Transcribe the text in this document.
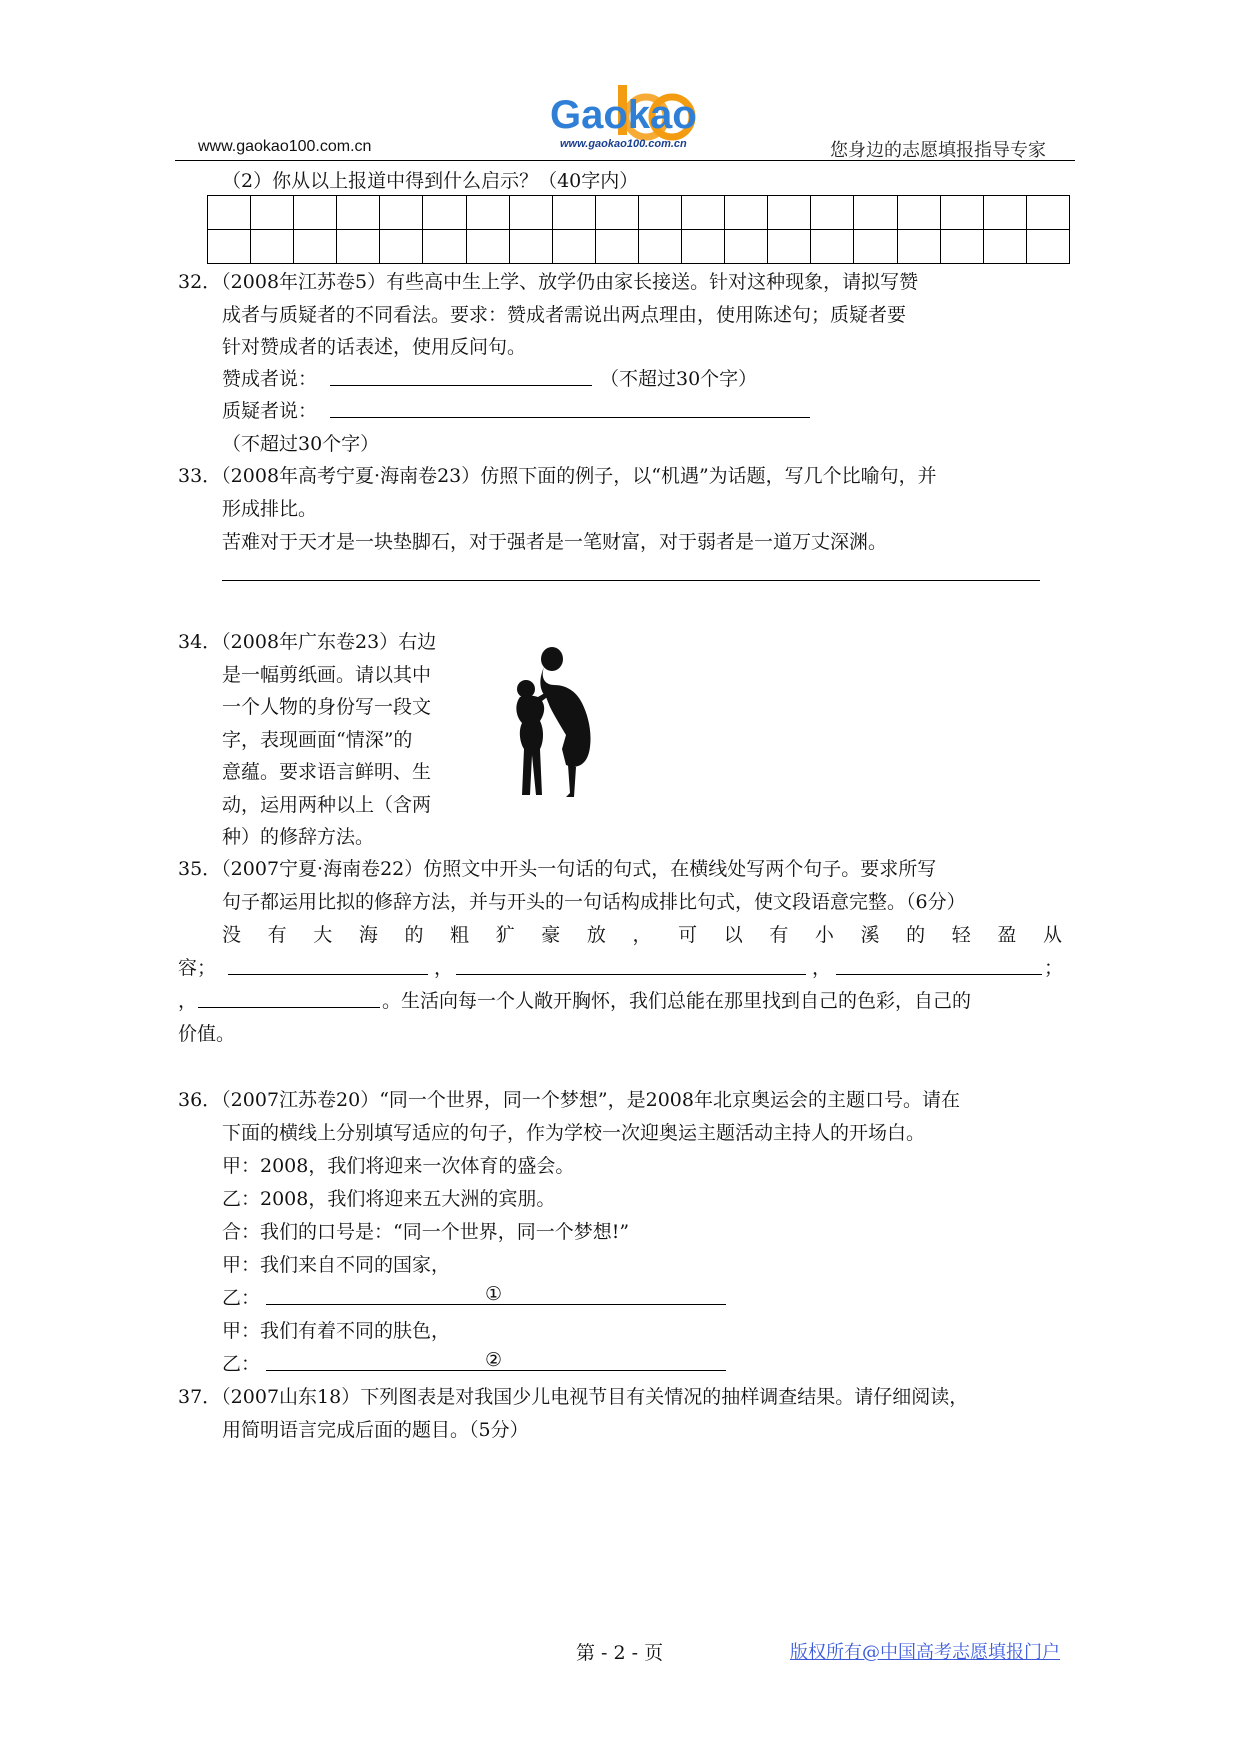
www.gaokao100.com.cn
Gaokao
www.gaokao100.com.cn	您身边的志愿填报指导专家
（2）你从以上报道中得到什么启示？（40字内）

32．（2008年江苏卷5）有些高中生上学、放学仍由家长接送。针对这种现象，请拟写赞
成者与质疑者的不同看法。要求：赞成者需说出两点理由，使用陈述句；质疑者要
针对赞成者的话表述，使用反问句。
赞成者说：	（不超过30个字）
质疑者说：
（不超过30个字）
33．（2008年高考宁夏·海南卷23）仿照下面的例子，以“机遇”为话题，写几个比喻句，并
形成排比。
苦难对于天才是一块垫脚石，对于强者是一笔财富，对于弱者是一道万丈深渊。
34．（2008年广东卷23）右边
是一幅剪纸画。请以其中
一个人物的身份写一段文
字，表现画面“情深”的
意蕴。要求语言鲜明、生
动，运用两种以上（含两
种）的修辞方法。
35．（2007宁夏·海南卷22）仿照文中开头一句话的句式，在横线处写两个句子。要求所写
句子都运用比拟的修辞方法，并与开头的一句话构成排比句式，使文段语意完整。（6分）
没 有 大 海 的 粗 犷 豪 放 ， 可 以 有 小 溪 的 轻 盈 从
容；	，	，	；
，	。生活向每一个人敞开胸怀，我们总能在那里找到自己的色彩，自己的
价值。
36．（2007江苏卷20）“同一个世界，同一个梦想”，是2008年北京奥运会的主题口号。请在
下面的横线上分别填写适应的句子，作为学校一次迎奥运主题活动主持人的开场白。
甲：2008，我们将迎来一次体育的盛会。
乙：2008，我们将迎来五大洲的宾朋。
合：我们的口号是：“同一个世界，同一个梦想!”
甲：我们来自不同的国家，
乙：	①
甲：我们有着不同的肤色，
乙：	②
37．（2007山东18）下列图表是对我国少儿电视节目有关情况的抽样调查结果。请仔细阅读，
用简明语言完成后面的题目。（5分）
第 - 2 - 页	版权所有@中国高考志愿填报门户
